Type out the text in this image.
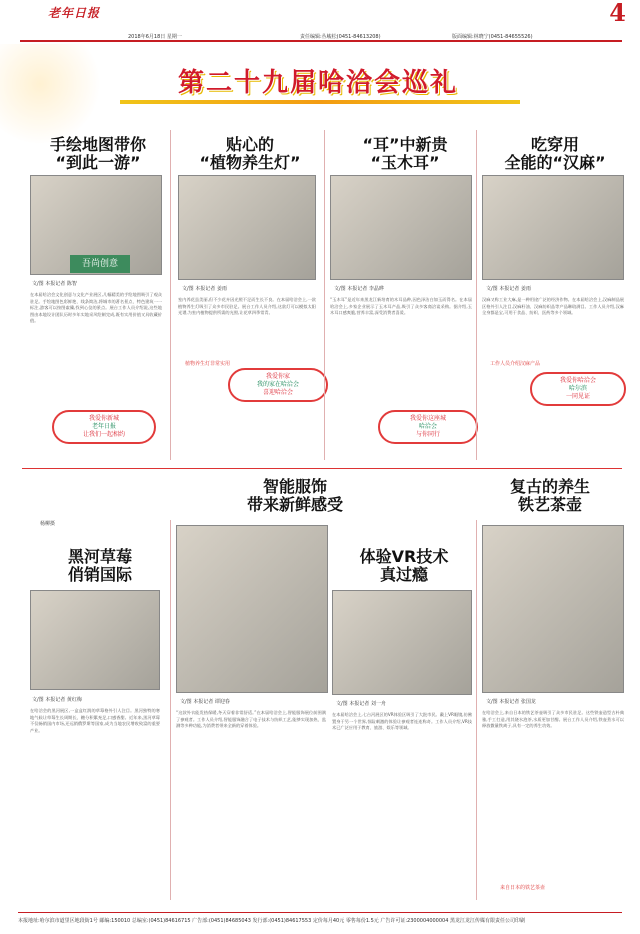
老年日报
2018年6月18日 星期一	责任编辑:丛峻松(0451-84613208)	版面编辑:林晓宁(0451-84655526)
4
第二十九届哈洽会巡礼
手绘地图带你
“到此一游”
吾尚创意
文/图 本报记者 陈智
在本届哈洽会文化创意与文化产业展区,几幅精美的手绘地图吸引了观众驻足。手绘地图色彩鲜艳、线条简洁,将城市的著名景点、特色建筑一一标注,游客可以按图索骥,找到心仪的景点。展台工作人员介绍说,这些地图由本地设计团队历时多年实地采风绘制完成,既有实用价值又具收藏价值。
贴心的
“植物养生灯”
文/图 本报记者 姜雨
室内养花虽美丽,但不少花卉因光照不足而生长不良。在本届哈洽会上,一款植物养生灯吸引了众多市民驻足。展台工作人员介绍,这款灯可以模拟太阳光谱,为室内植物提供所需的光照,让花草四季常青。
植物养生灯非常实用
“耳”中新贵
“玉木耳”
文/图 本报记者 李晶晔
“玉木耳”是近年来黑龙江新培育的木耳品种,因色泽洁白如玉而得名。在本届哈洽会上,多家企业展示了玉木耳产品,吸引了众多客商洽谈采购。据介绍,玉木耳口感爽脆,营养丰富,深受消费者喜爱。
吃穿用
全能的“汉麻”
文/图 本报记者 姜雨
汉麻又称工业大麻,是一种用途广泛的经济作物。在本届哈洽会上,汉麻制品展区格外引人注目,汉麻籽油、汉麻纺织品等产品琳琅满目。工作人员介绍,汉麻全身都是宝,可用于食品、纺织、医药等多个领域。
工作人员介绍汉麻产品
我爱你家
我的家在哈洽会
喜迎哈洽会
我爱你新城
老年日报
让我们一起相约
我爱你这座城
哈洽会
与你同行
我爱你哈洽会
哈尔滨
一同见证
智能服饰
带来新鲜感受
复古的养生
铁艺茶壶
杨柳摄
黑河草莓
俏销国际
文/图 本报记者 黄红梅
在哈洽会的黑河展区,一盒盒红润的草莓格外引人注目。黑河独特的寒地气候让草莓生长周期长、糖分积累充足,口感香甜。近年来,黑河草莓不仅畅销国内市场,还远销俄罗斯等国家,成为当地农民增收致富的重要产业。
文/图 本报记者 谭迎春
“这款外衣能发热保暖,冬天穿着非常舒适。”在本届哈洽会上,智能服饰展位前围满了参观者。工作人员介绍,智能服饰融合了电子技术与纺织工艺,能够实现加热、监测等多种功能,为消费者带来全新的穿着体验。
体验VR技术
真过瘾
文/图 本报记者 刘一舟
在本届哈洽会上,七台河展区的VR体验区吸引了大批市民。戴上VR眼镜,仿佛置身于另一个世界,惊险刺激的体验让参观者连连称奇。工作人员介绍,VR技术已广泛应用于教育、旅游、娱乐等领域。
文/图 本报记者 张国龙
在哈洽会上,来自日本的铁艺茶壶吸引了众多市民驻足。这些铁壶造型古朴典雅,手工打造,用其烧水泡茶,水质更加甘醇。展台工作人员介绍,铁壶煮水可以释放微量铁离子,具有一定的养生功效。
来自日本的铁艺茶壶
本报地址:哈尔滨市道里区地段街1号 邮编:150010 总编室:(0451)84616715 广告部:(0451)84685043 发行部:(0451)84617553 定价每月40元 零售每份1.5元 广告许可证:2300004000004 黑龙江龙江传媒有限责任公司印刷
